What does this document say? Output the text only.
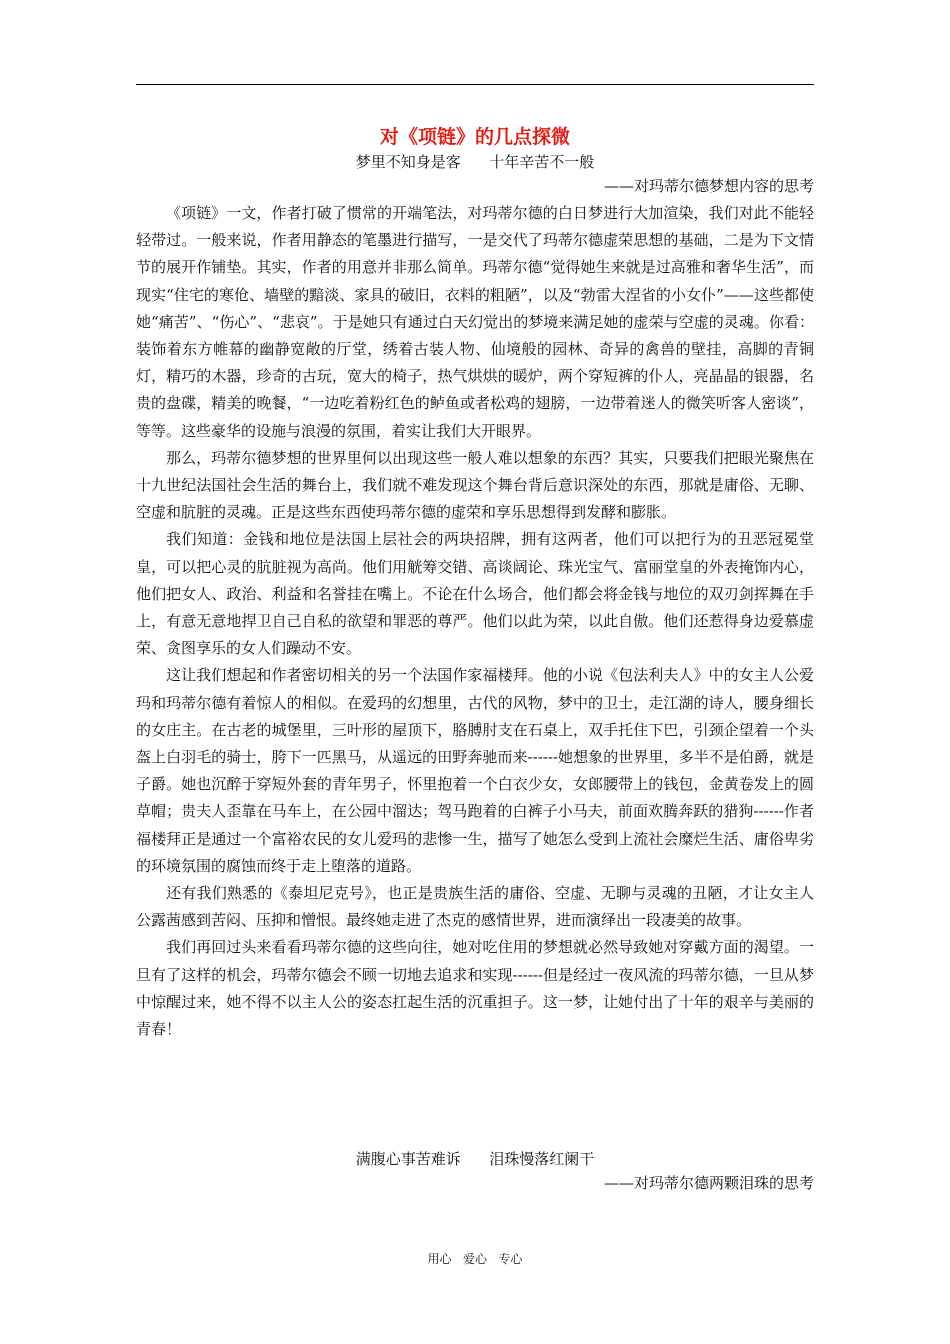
对《项链》的几点探微

梦里不知身是客      十年辛苦不一般

——对玛蒂尔德梦想内容的思考

《项链》一文，作者打破了惯常的开端笔法，对玛蒂尔德的白日梦进行大加渲染，我们对此不能轻轻带过。一般来说，作者用静态的笔墨进行描写，一是交代了玛蒂尔德虚荣思想的基础，二是为下文情节的展开作铺垫。其实，作者的用意并非那么简单。玛蒂尔德“觉得她生来就是过高雅和奢华生活”，而现实“住宅的寒伧、墙壁的黯淡、家具的破旧，衣料的粗陋”，以及“勃雷大涅省的小女仆”——这些都使她“痛苦”、“伤心”、“悲哀”。于是她只有通过白天幻觉出的梦境来满足她的虚荣与空虚的灵魂。你看：装饰着东方帷幕的幽静宽敞的厅堂，绣着古装人物、仙境般的园林、奇异的禽兽的壁挂，高脚的青铜灯，精巧的木器，珍奇的古玩，宽大的椅子，热气烘烘的暖炉，两个穿短裤的仆人，亮晶晶的银器，名贵的盘碟，精美的晚餐，“一边吃着粉红色的鲈鱼或者松鸡的翅膀，一边带着迷人的微笑听客人密谈”，等等。这些豪华的设施与浪漫的氛围，着实让我们大开眼界。

那么，玛蒂尔德梦想的世界里何以出现这些一般人难以想象的东西？其实，只要我们把眼光聚焦在十九世纪法国社会生活的舞台上，我们就不难发现这个舞台背后意识深处的东西，那就是庸俗、无聊、空虚和肮脏的灵魂。正是这些东西使玛蒂尔德的虚荣和享乐思想得到发酵和膨胀。

我们知道：金钱和地位是法国上层社会的两块招牌，拥有这两者，他们可以把行为的丑恶冠冕堂皇，可以把心灵的肮脏视为高尚。他们用觥筹交错、高谈阔论、珠光宝气、富丽堂皇的外表掩饰内心，他们把女人、政治、利益和名誉挂在嘴上。不论在什么场合，他们都会将金钱与地位的双刃剑挥舞在手上，有意无意地捍卫自己自私的欲望和罪恶的尊严。他们以此为荣，以此自傲。他们还惹得身边爱慕虚荣、贪图享乐的女人们躁动不安。

这让我们想起和作者密切相关的另一个法国作家福楼拜。他的小说《包法利夫人》中的女主人公爱玛和玛蒂尔德有着惊人的相似。在爱玛的幻想里，古代的风物，梦中的卫士，走江湖的诗人，腰身细长的女庄主。在古老的城堡里，三叶形的屋顶下，胳膊肘支在石桌上，双手托住下巴，引颈企望着一个头盔上白羽毛的骑士，胯下一匹黑马，从遥远的田野奔驰而来------她想象的世界里，多半不是伯爵，就是子爵。她也沉醉于穿短外套的青年男子，怀里抱着一个白衣少女，女郎腰带上的钱包，金黄卷发上的圆草帽；贵夫人歪靠在马车上，在公园中溜达；驾马跑着的白裤子小马夫，前面欢腾奔跃的猎狗------作者福楼拜正是通过一个富裕农民的女儿爱玛的悲惨一生，描写了她怎么受到上流社会糜烂生活、庸俗卑劣的环境氛围的腐蚀而终于走上堕落的道路。

还有我们熟悉的《泰坦尼克号》，也正是贵族生活的庸俗、空虚、无聊与灵魂的丑陋，才让女主人公露茜感到苦闷、压抑和憎恨。最终她走进了杰克的感情世界，进而演绎出一段凄美的故事。

我们再回过头来看看玛蒂尔德的这些向往，她对吃住用的梦想就必然导致她对穿戴方面的渴望。一旦有了这样的机会，玛蒂尔德会不顾一切地去追求和实现------但是经过一夜风流的玛蒂尔德，一旦从梦中惊醒过来，她不得不以主人公的姿态扛起生活的沉重担子。这一梦，让她付出了十年的艰辛与美丽的青春！

满腹心事苦难诉      泪珠慢落红阑干

——对玛蒂尔德两颗泪珠的思考

用心   爱心   专心
